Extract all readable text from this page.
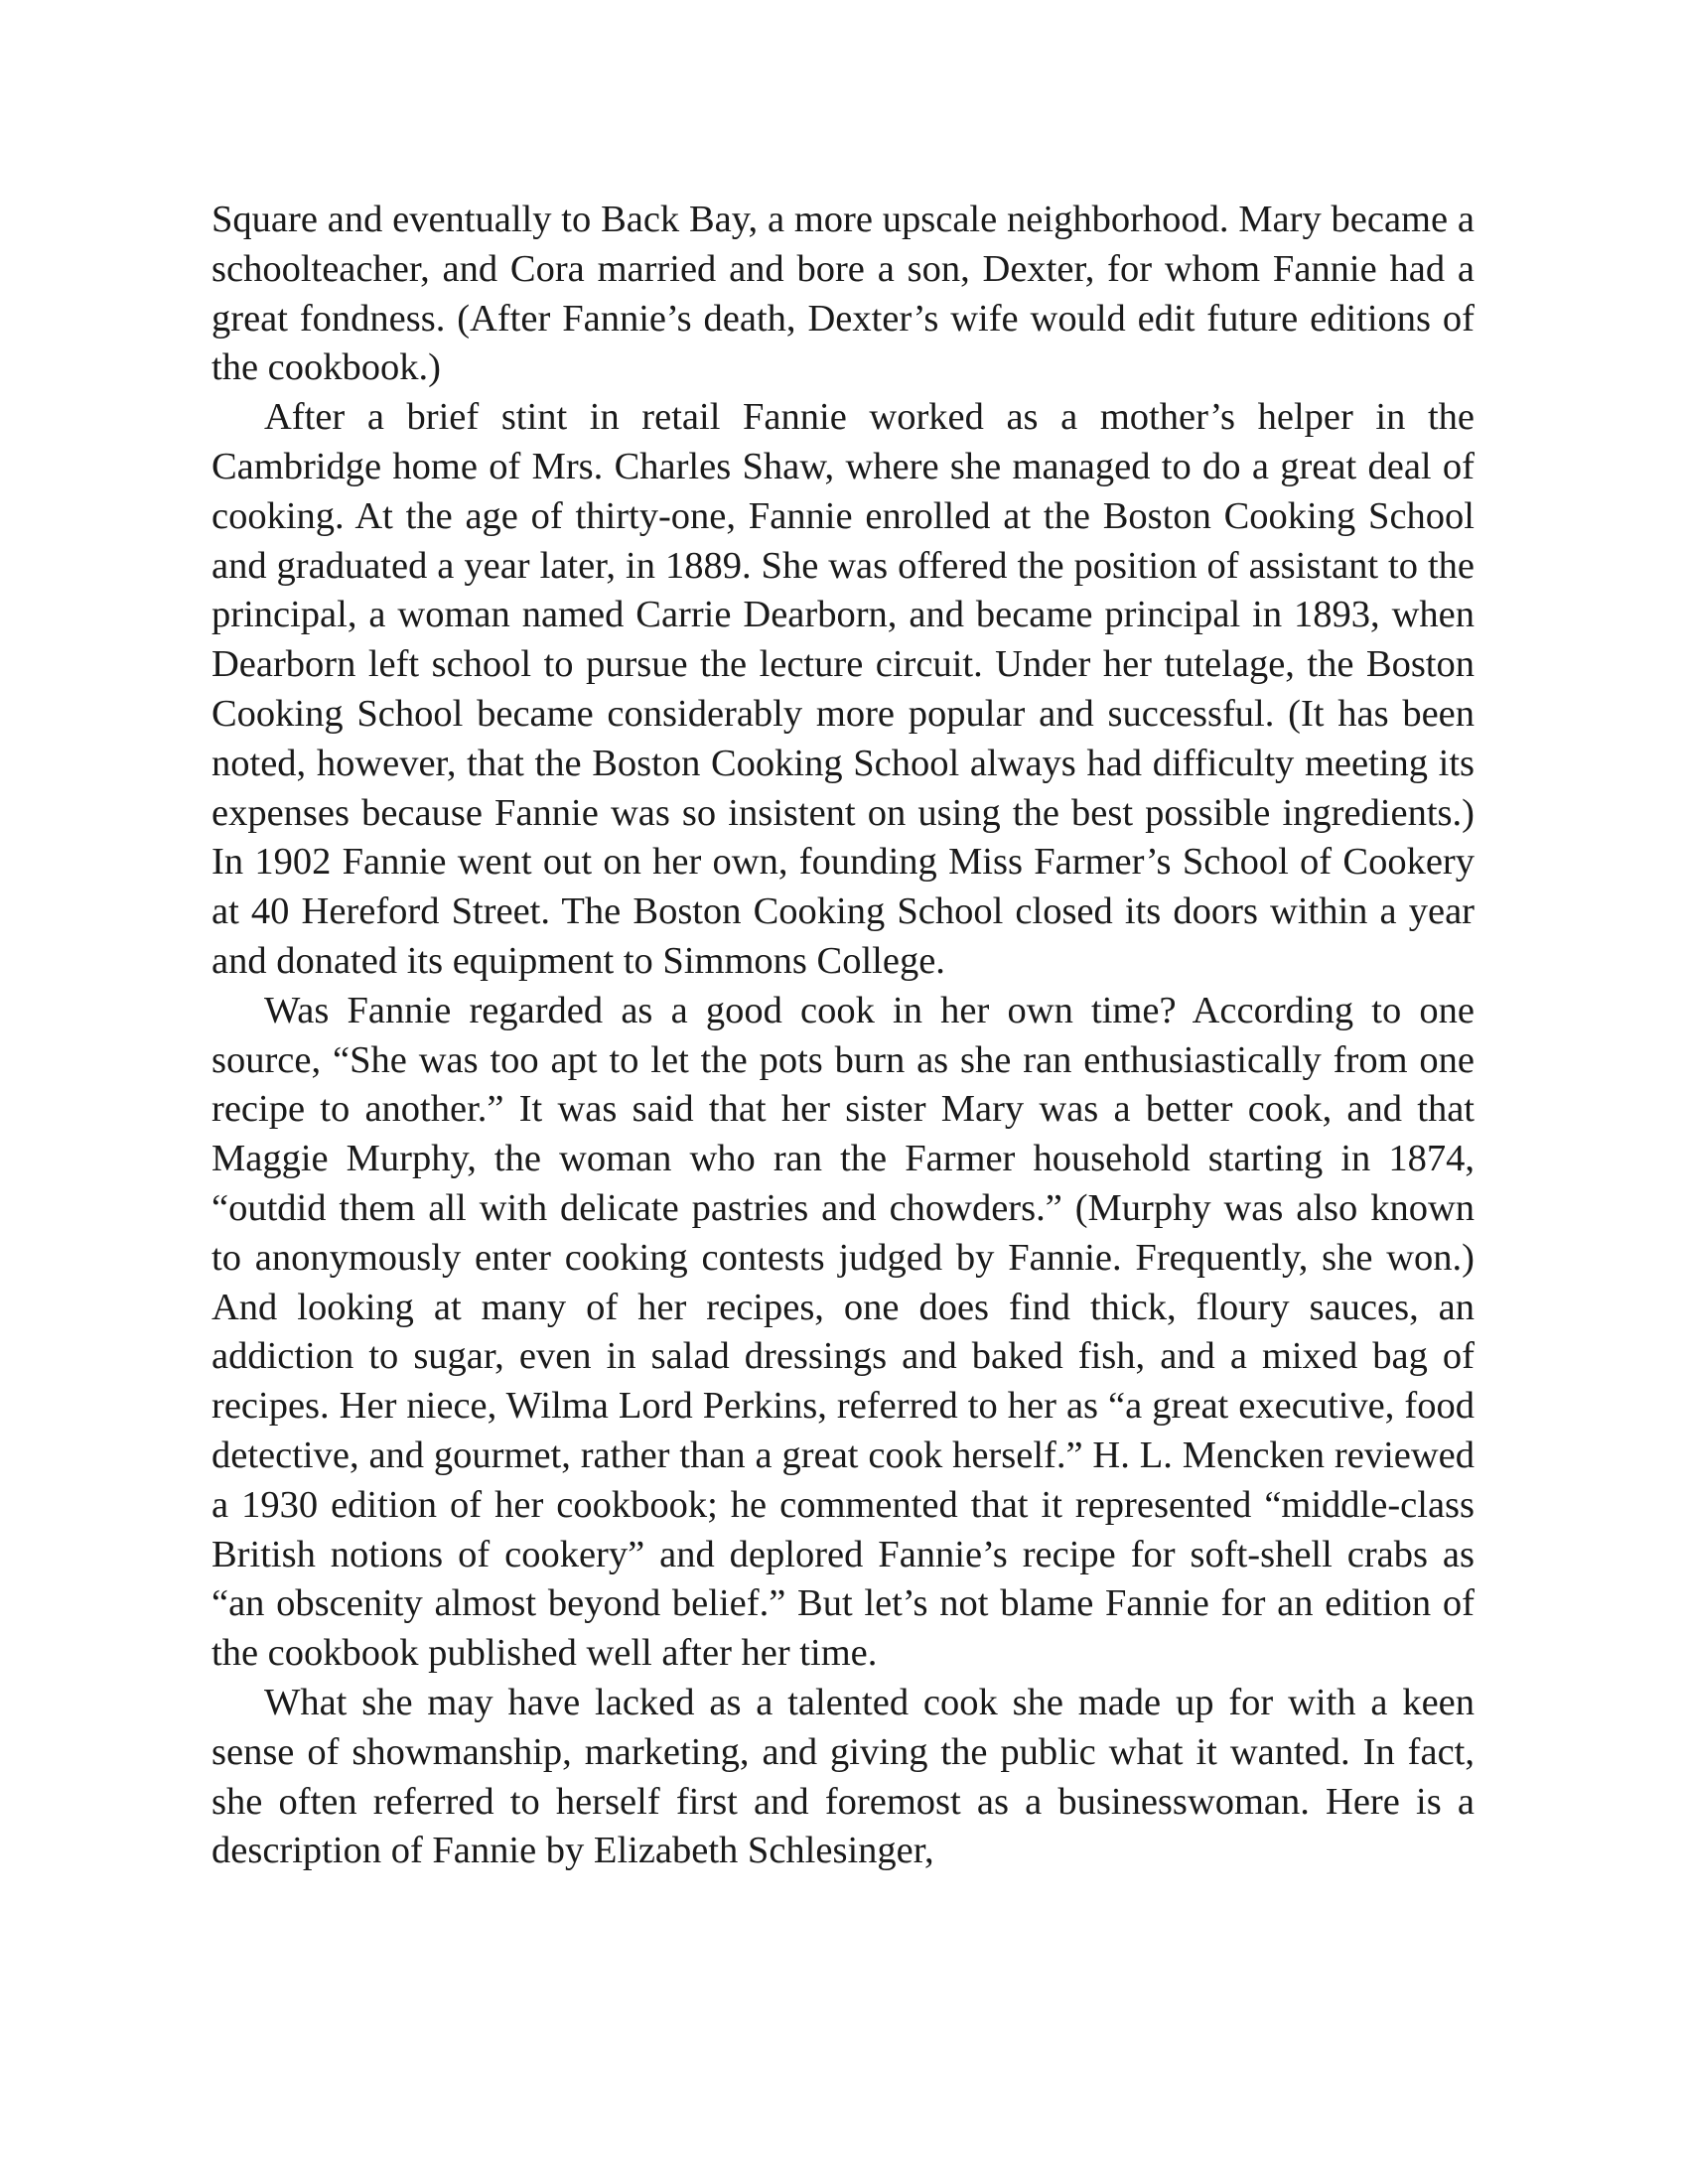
Square and eventually to Back Bay, a more upscale neighborhood. Mary became a schoolteacher, and Cora married and bore a son, Dexter, for whom Fannie had a great fondness. (After Fannie’s death, Dexter’s wife would edit future editions of the cookbook.)

After a brief stint in retail Fannie worked as a mother’s helper in the Cambridge home of Mrs. Charles Shaw, where she managed to do a great deal of cooking. At the age of thirty-one, Fannie enrolled at the Boston Cooking School and graduated a year later, in 1889. She was offered the position of assistant to the principal, a woman named Carrie Dearborn, and became principal in 1893, when Dearborn left school to pursue the lecture circuit. Under her tutelage, the Boston Cooking School became considerably more popular and successful. (It has been noted, however, that the Boston Cooking School always had difficulty meeting its expenses because Fannie was so insistent on using the best possible ingredients.) In 1902 Fannie went out on her own, founding Miss Farmer’s School of Cookery at 40 Hereford Street. The Boston Cooking School closed its doors within a year and donated its equipment to Simmons College.

Was Fannie regarded as a good cook in her own time? According to one source, “She was too apt to let the pots burn as she ran enthusiastically from one recipe to another.” It was said that her sister Mary was a better cook, and that Maggie Murphy, the woman who ran the Farmer household starting in 1874, “outdid them all with delicate pastries and chowders.” (Murphy was also known to anonymously enter cooking contests judged by Fannie. Frequently, she won.) And looking at many of her recipes, one does find thick, floury sauces, an addiction to sugar, even in salad dressings and baked fish, and a mixed bag of recipes. Her niece, Wilma Lord Perkins, referred to her as “a great executive, food detective, and gourmet, rather than a great cook herself.” H. L. Mencken reviewed a 1930 edition of her cookbook; he commented that it represented “middle-class British notions of cookery” and deplored Fannie’s recipe for soft-shell crabs as “an obscenity almost beyond belief.” But let’s not blame Fannie for an edition of the cookbook published well after her time.

What she may have lacked as a talented cook she made up for with a keen sense of showmanship, marketing, and giving the public what it wanted. In fact, she often referred to herself first and foremost as a businesswoman. Here is a description of Fannie by Elizabeth Schlesinger,
